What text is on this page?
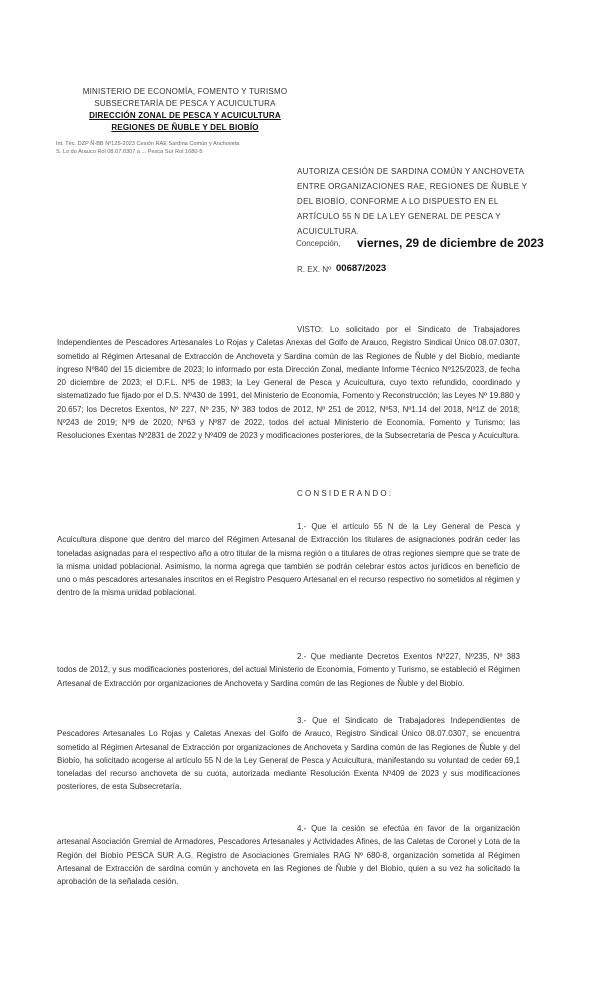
MINISTERIO DE ECONOMÍA, FOMENTO Y TURISMO
SUBSECRETARÍA DE PESCA Y ACUICULTURA
DIRECCIÓN ZONAL DE PESCA Y ACUICULTURA
REGIONES DE ÑUBLE Y DEL BIOBÍO
Int. Téc. DZP Ñ-BB Nº125-2023 Cesión RAE Sardina Común y Anchoveta
S. Lo do Arauco Rol 08.07.0307 a ... Pesca Sur Rol 1680-5
AUTORIZA CESIÓN DE SARDINA COMÚN Y ANCHOVETA ENTRE ORGANIZACIONES RAE, REGIONES DE ÑUBLE Y DEL BIOBÍO, CONFORME A LO DISPUESTO EN EL ARTÍCULO 55 N DE LA LEY GENERAL DE PESCA Y ACUICULTURA.
Concepción, viernes, 29 de diciembre de 2023
R. EX. Nº 00687/2023
VISTO: Lo solicitado por el Sindicato de Trabajadores Independientes de Pescadores Artesanales Lo Rojas y Caletas Anexas del Golfo de Arauco, Registro Sindical Único 08.07.0307, sometido al Régimen Artesanal de Extracción de Anchoveta y Sardina común de las Regiones de Ñuble y del Biobío, mediante ingreso Nº840 del 15 diciembre de 2023; lo informado por esta Dirección Zonal, mediante Informe Técnico Nº125/2023, de fecha 20 diciembre de 2023; el D.F.L. Nº5 de 1983; la Ley General de Pesca y Acuicultura, cuyo texto refundido, coordinado y sistematizado fue fijado por el D.S. Nº430 de 1991, del Ministerio de Economía, Fomento y Reconstrucción; las Leyes Nº 19.880 y 20.657; los Decretos Exentos, Nº 227, Nº 235, Nº 383 todos de 2012, Nº 251 de 2012, Nº53, Nº1.14 del 2018, Nº1Z de 2018; Nº243 de 2019; Nº9 de 2020; Nº63 y Nº87 de 2022, todos del actual Ministerio de Economía, Fomento y Turismo; las Resoluciones Exentas Nº2831 de 2022 y Nº409 de 2023 y modificaciones posteriores, de la Subsecretaría de Pesca y Acuicultura.
CONSIDERANDO:
1.- Que el artículo 55 N de la Ley General de Pesca y Acuicultura dispone que dentro del marco del Régimen Artesanal de Extracción los titulares de asignaciones podrán ceder las toneladas asignadas para el respectivo año a otro titular de la misma región o a titulares de otras regiones siempre que se trate de la misma unidad poblacional. Asimismo, la norma agrega que también se podrán celebrar estos actos jurídicos en beneficio de uno o más pescadores artesanales inscritos en el Registro Pesquero Artesanal en el recurso respectivo no sometidos al régimen y dentro de la misma unidad poblacional.
2.- Que mediante Decretos Exentos Nº227, Nº235, Nº 383 todos de 2012, y sus modificaciones posteriores, del actual Ministerio de Economía, Fomento y Turismo, se estableció el Régimen Artesanal de Extracción por organizaciones de Anchoveta y Sardina común de las Regiones de Ñuble y del Biobío.
3.- Que el Sindicato de Trabajadores Independientes de Pescadores Artesanales Lo Rojas y Caletas Anexas del Golfo de Arauco, Registro Sindical Único 08.07.0307, se encuentra sometido al Régimen Artesanal de Extracción por organizaciones de Anchoveta y Sardina común de las Regiones de Ñuble y del Biobío, ha solicitado acogerse al artículo 55 N de la Ley General de Pesca y Acuicultura, manifestando su voluntad de ceder 69,1 toneladas del recurso anchoveta de su cuota, autorizada mediante Resolución Exenta Nº409 de 2023 y sus modificaciones posteriores, de esta Subsecretaría.
4.- Que la cesión se efectúa en favor de la organización artesanal Asociación Gremial de Armadores, Pescadores Artesanales y Actividades Afines, de las Caletas de Coronel y Lota de la Región del Biobío PESCA SUR A.G. Registro de Asociaciones Gremiales RAG Nº 680-8, organización sometida al Régimen Artesanal de Extracción de sardina común y anchoveta en las Regiones de Ñuble y del Biobío, quien a su vez ha solicitado la aprobación de la señalada cesión.
